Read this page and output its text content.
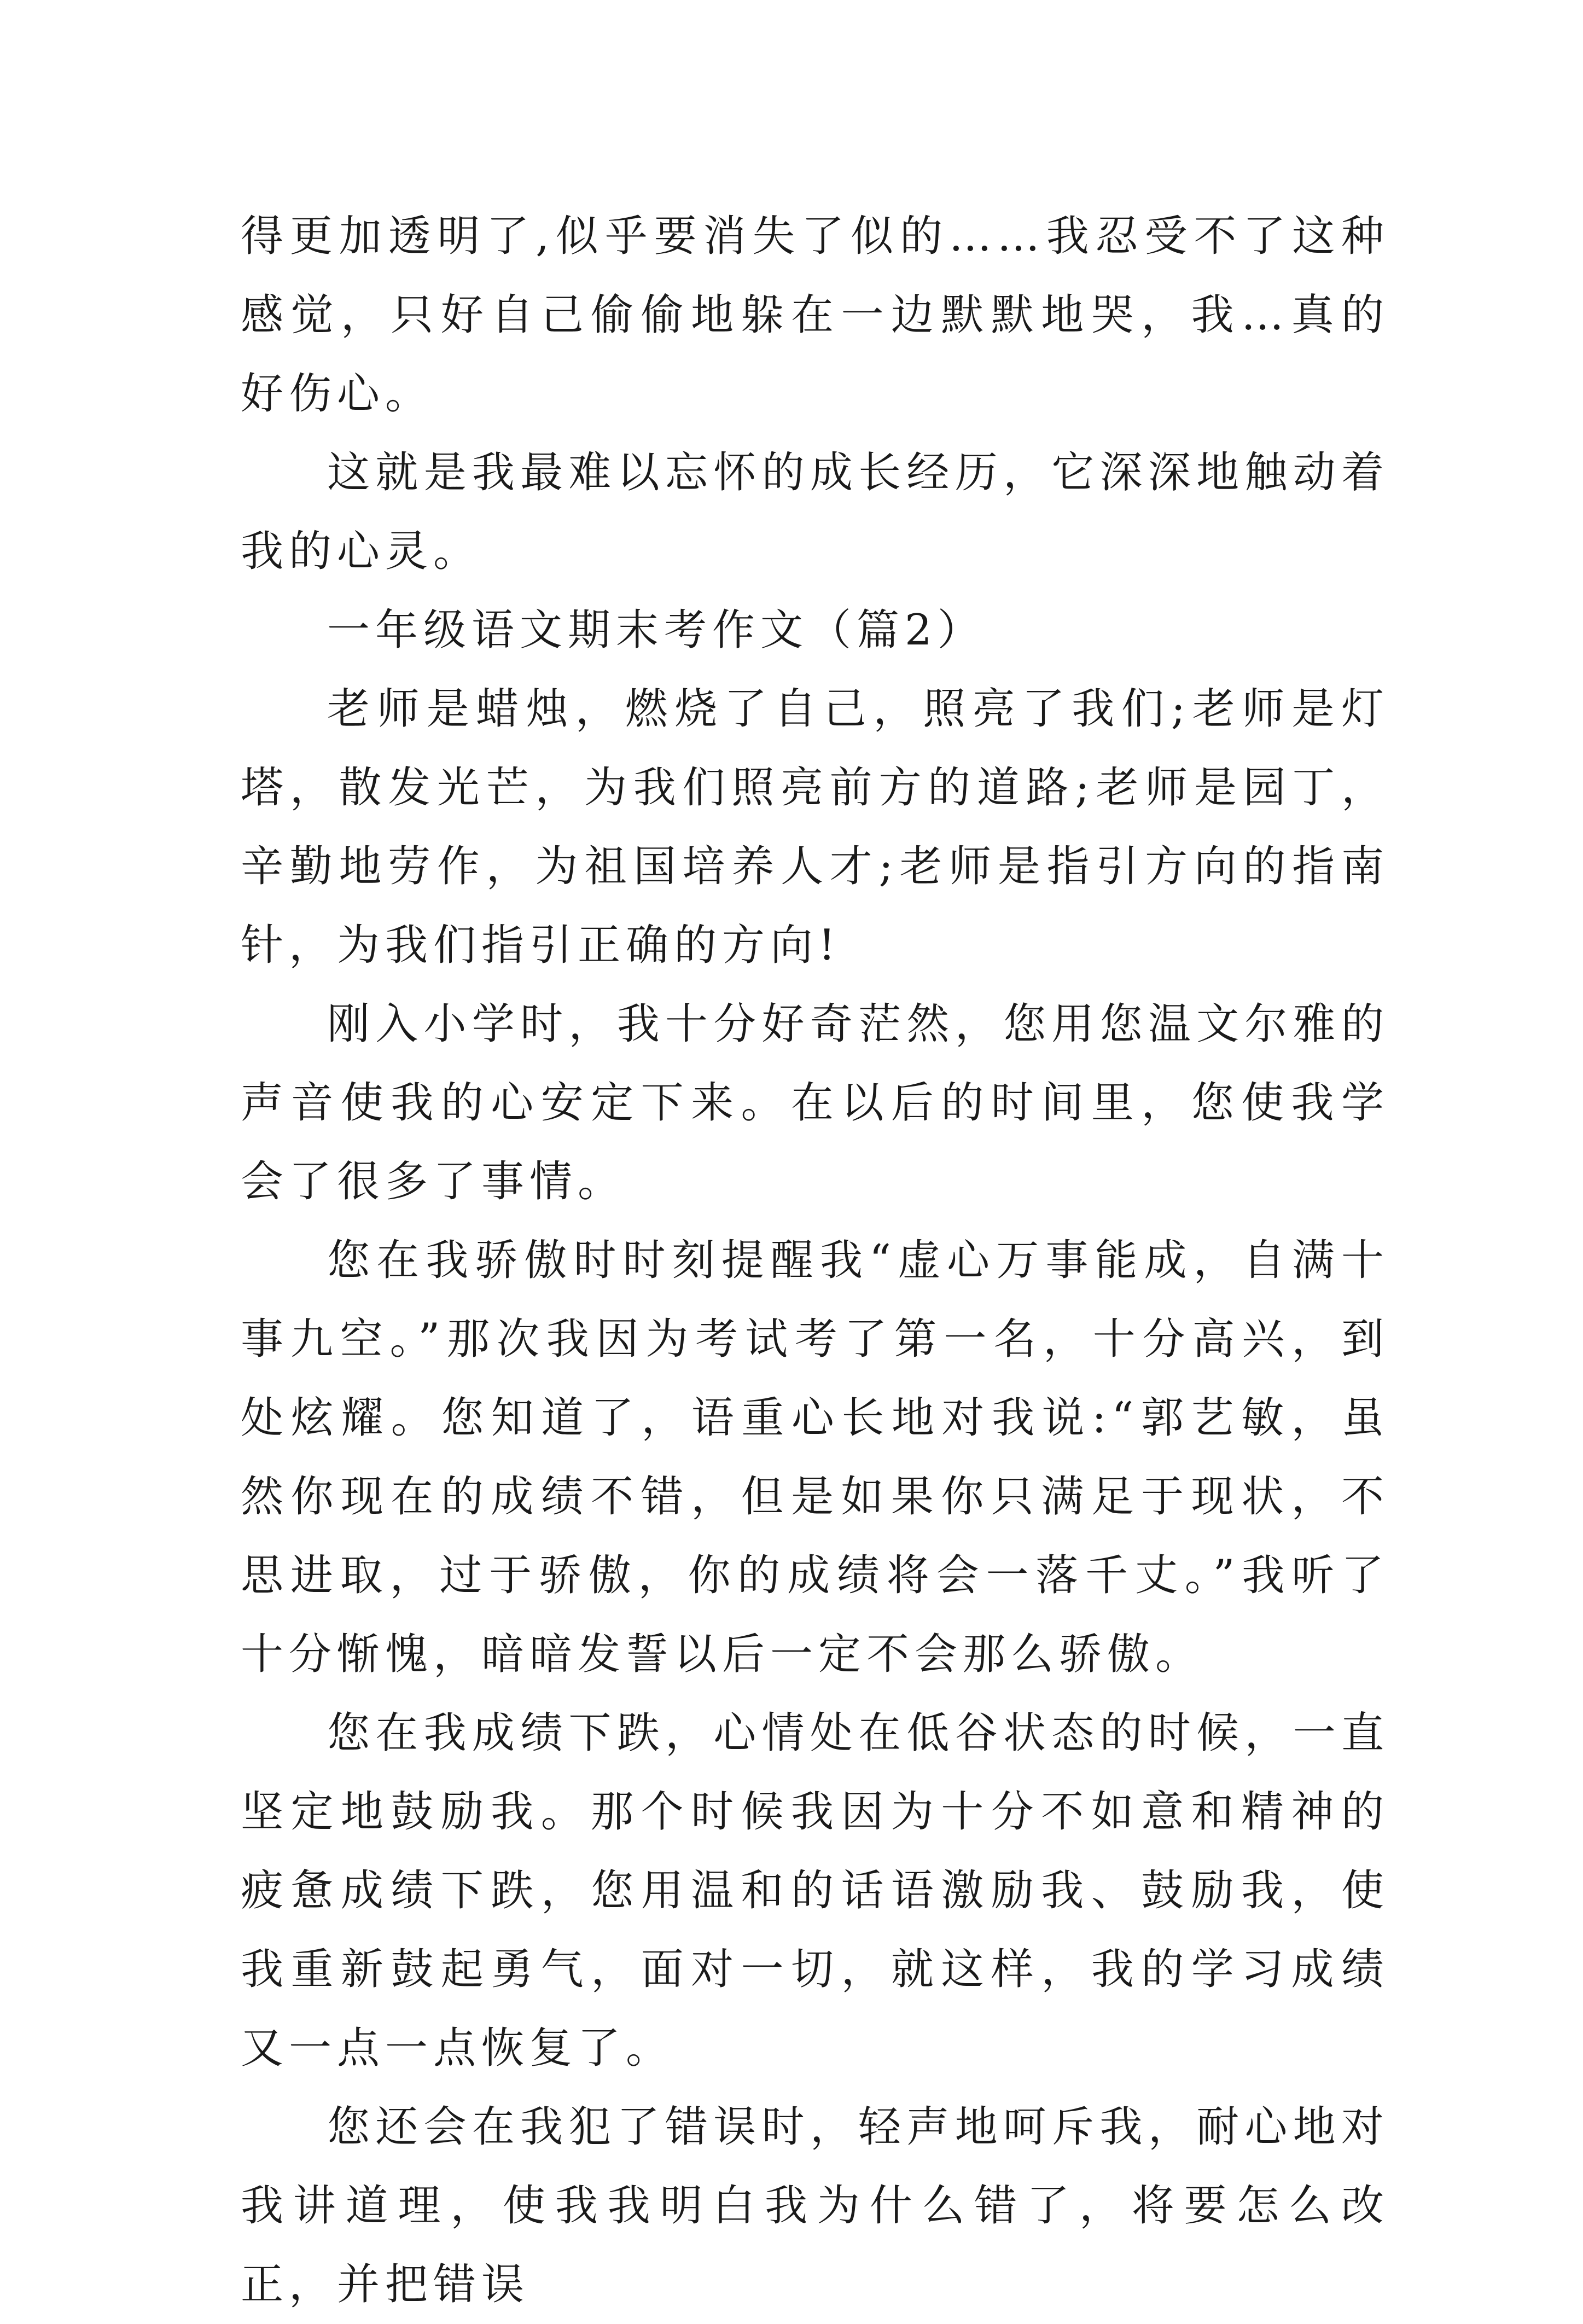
得更加透明了,似乎要消失了似的……我忍受不了这种感觉，只好自己偷偷地躲在一边默默地哭，我…真的好伤心。

这就是我最难以忘怀的成长经历，它深深地触动着我的心灵。

一年级语文期末考作文（篇2）

老师是蜡烛，燃烧了自己，照亮了我们;老师是灯塔，散发光芒，为我们照亮前方的道路;老师是园丁，辛勤地劳作，为祖国培养人才;老师是指引方向的指南针，为我们指引正确的方向!

刚入小学时，我十分好奇茫然，您用您温文尔雅的声音使我的心安定下来。在以后的时间里，您使我学会了很多了事情。

您在我骄傲时时刻提醒我“虚心万事能成，自满十事九空。”那次我因为考试考了第一名，十分高兴，到处炫耀。您知道了，语重心长地对我说:“郭艺敏，虽然你现在的成绩不错，但是如果你只满足于现状，不思进取，过于骄傲，你的成绩将会一落千丈。”我听了十分惭愧，暗暗发誓以后一定不会那么骄傲。

您在我成绩下跌，心情处在低谷状态的时候，一直坚定地鼓励我。那个时候我因为十分不如意和精神的疲惫成绩下跌，您用温和的话语激励我、鼓励我，使我重新鼓起勇气，面对一切，就这样，我的学习成绩又一点一点恢复了。

您还会在我犯了错误时，轻声地呵斥我，耐心地对我讲道理，使我我明白我为什么错了，将要怎么改正，并把错误
